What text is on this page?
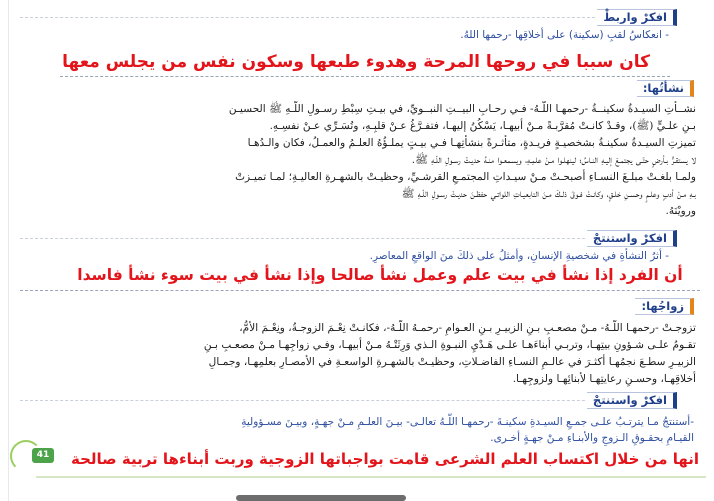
افكرْ واربطْ
- انعكاسُ لقبِ (سكينة) على أخلاقِها -رحمها اللهُ.
كان سببا في روحها المرحة وهدوء طبعها وسكون نفس من يجلس معها
نشأتُها:
نشــأتِ السيـدةُ سكينــةُ -رحمهـا اللّـهُ- فـي رحـابِ البيــتِ النبــويِّ، في بيـتِ سِبْطِ رسـولِ اللّـهِ ﷺ الحسيـن
بـنِ علـيٍّ (ﷺ)، وقـدْ كانـتْ مُقرَّبـةً مـنْ أبيهـا، يَسْكُنُ إليهـا، فتفـرَّغُ عـنْ قلبِـهِ، وتُسَـرِّي عـنْ نفسِـهِ.
تميزتِ السيـدةُ سكينـةُ بشخصيـةٍ فريـدةٍ، متأثـرةً بنشأتِهـا فـي بيـتٍ يملـؤُهُ العلـمُ والعمـلُ، فكان والـدُهـا
لا يستقـرُّ بـأرضٍ حتّـى يجتمـعَ إليـهِ النـاسُ؛ لينهلـوا مـنْ علمِـهِ، ويسمعـوا منـهُ حديـثَ رسـولِ اللّـهِ ﷺ.
ولمـا بلغـتْ مبلـغَ النسـاءِ أصبحـتْ مـنْ سيـداتِ المجتمـعِ القرشـيِّ، وحظيـتْ بالشهـرةِ العاليـةِ؛ لمـا تميـزتْ
بـهِ مـنْ أدبٍ وعلـمٍ وحسـنِ خلـقٍ، وكانـتْ فـوقَ ذلـكَ مـنَ التابعيـاتِ اللواتـي حفظـنَ حديـثَ رسـولِ اللّـهِ ﷺ
ورويْنَهُ.
افكرْ واستنتجْ
- أثرُ النشأةِ في شخصيةِ الإنسانِ، وأمثلُ على ذلكَ منَ الواقعِ المعاصرِ.
أن الفرد إذا نشأ في بيت علم وعمل نشأ صالحا وإذا نشأ في بيت سوء نشأ فاسدا
زواجُها:
تزوجـتْ -رحمهـا اللّـهُ- مـنْ مصعـبِ بـنِ الزبيـرِ بـنِ العـوامِ -رحمـهُ اللّـهُ-، فكانـتْ نِعْـمَ الزوجـةُ، ونِعْـمَ الأمُّ،
تقـومُ علـى شـؤونِ بيتِهـا، وتربـي أبناءَهـا علـى هَـدْيِ النبـوةِ الـذي وَرِثَتْـهُ مـنْ أبيهـا، وفـي زواجِهـا مـنْ مصعـبِ بـنِ
الزبيـرِ سطـعَ نجمُهـا أكثـرَ في عالـمِ النسـاءِ الفاضـلاتِ، وحظيـتْ بالشهـرةِ الواسعـةِ في الأمصـارِ بعلمِهـا، وجمـالِ
أخلاقِهـا، وحسـنِ رعايتِهـا لأبنائِهـا ولزوجِهـا.
افكرْ واستنتجْ
-أستنتجُ مـا يترتـبُ علـى جمـعِ السيـدةِ سكينـةَ -رحمهـا اللّـهُ تعالـى- بيـنَ العلـمِ مـنْ جهـةٍ، وبيـنَ مسـؤوليةِ
القيـامِ بحقـوقِ الـزوجِ والأبنـاءِ مـنْ جهـةٍ أخـرى.
انها من خلال اكتساب العلم الشرعى قامت بواجباتها الزوجية وربت أبناءها تربية صالحة
41
